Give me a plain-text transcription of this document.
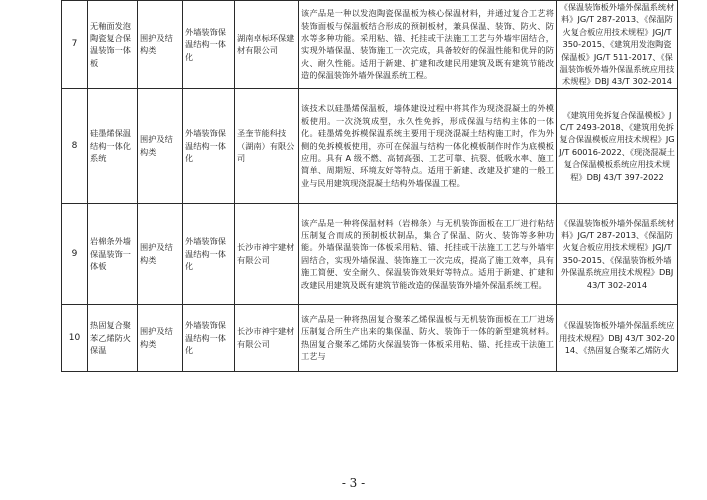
7	无釉面发泡陶瓷复合保温装饰一体板	围护及结构类	外墙装饰保温结构一体化	湖南卓标环保建材有限公司	该产品是一种以发泡陶瓷保温板为核心保温材料，并通过复合工艺将装饰面板与保温板结合形成的预制板材，兼具保温、装饰、防火、防水等多种功能。采用粘、锚、托挂或干法施工工艺与外墙牢固结合，实现外墙保温、装饰施工一次完成，具备较好的保温性能和优异的防火、耐久性能。适用于新建、扩建和改建民用建筑及既有建筑节能改造的保温装饰外墙外保温系统工程。	《保温装饰板外墙外保温系统材料》JG/T 287-2013、《保温防火复合板应用技术规程》JGJ/T 350-2015、《建筑用发泡陶瓷保温板》JG/T 511-2017、《保温装饰板外墙外保温系统应用技术规程》DBJ 43/T 302-2014
8	硅墨烯保温结构一体化系统	围护及结构类	外墙装饰保温结构一体化	圣奎节能科技（湖南）有限公司	该技术以硅墨烯保温板，墙体建设过程中将其作为现浇混凝土的外模板使用。一次浇筑成型，永久性免拆，形成保温与结构主体的一体化。硅墨烯免拆模保温系统主要用于现浇混凝土结构施工时，作为外侧的免拆模板使用，亦可在保温与结构一体化模板制作时作为底模板应用。具有 A 级不燃、高韧高强、工艺可靠、抗裂、低吸水率、施工简单、周期短、环境友好等特点。适用于新建、改建及扩建的一般工业与民用建筑现浇混凝土结构外墙保温工程。	《建筑用免拆复合保温模板》JC/T 2493-2018、《建筑用免拆复合保温模板应用技术规程》JGJ/T 60016-2022、《现浇混凝土复合保温模板系统应用技术规程》DBJ 43/T 397-2022
9	岩棉条外墙保温装饰一体板	围护及结构类	外墙装饰保温结构一体化	长沙市神宇建材有限公司	该产品是一种将保温材料（岩棉条）与无机装饰面板在工厂进行粘结压制复合而成的预制板状制品，集合了保温、防火、装饰等多种功能。外墙保温装饰一体板采用粘、锚、托挂或干法施工工艺与外墙牢固结合，实现外墙保温、装饰施工一次完成，提高了施工效率，具有施工简便、安全耐久、保温装饰效果好等特点。适用于新建、扩建和改建民用建筑及既有建筑节能改造的保温装饰外墙外保温系统工程。	《保温装饰板外墙外保温系统材料》JG/T 287-2013、《保温防火复合板应用技术规程》JGJ/T 350-2015、《保温装饰板外墙外保温系统应用技术规程》DBJ 43/T 302-2014
10	热固复合聚苯乙烯防火保温	围护及结构类	外墙装饰保温结构一体化	长沙市神宇建材有限公司	该产品是一种将热固复合聚苯乙烯保温板与无机装饰面板在工厂进场压制复合所生产出来的集保温、防火、装饰于一体的新型建筑材料。热固复合聚苯乙烯防火保温装饰一体板采用粘、锚、托挂或干法施工工艺与	《保温装饰板外墙外保温系统应用技术规程》DBJ 43/T 302-2014、《热固复合聚苯乙烯防火
- 3 -
